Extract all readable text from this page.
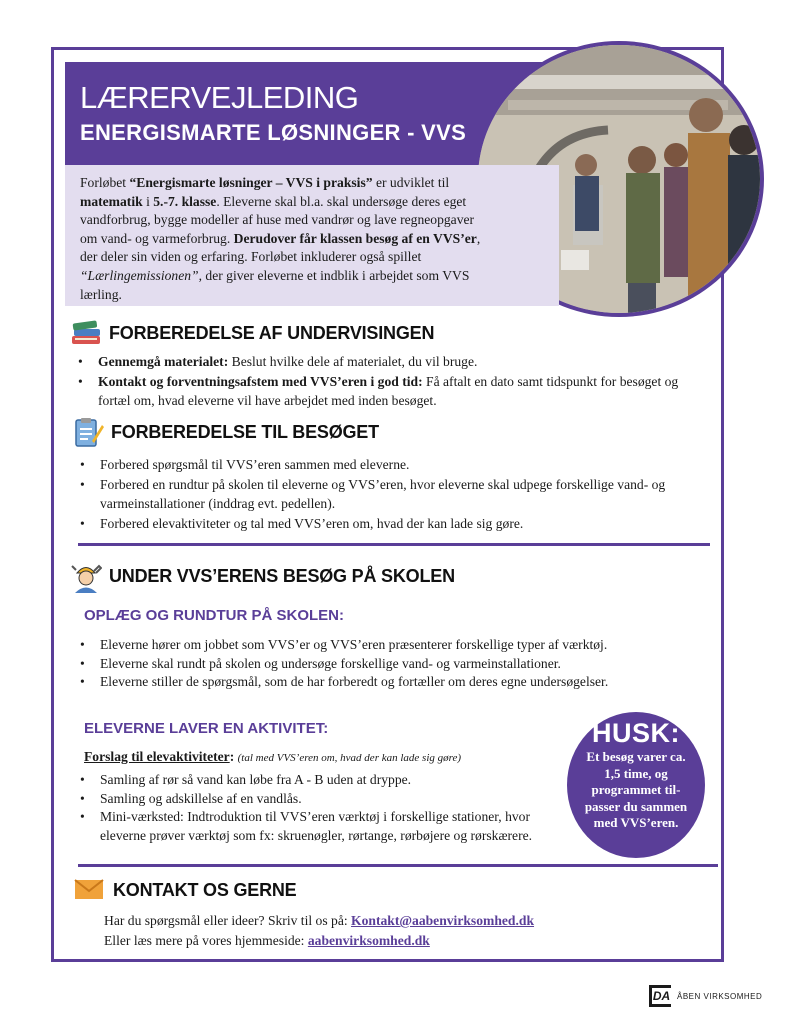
LÆRERVEJLEDING
ENERGISMARTE LØSNINGER - VVS
Forløbet “Energismarte løsninger – VVS i praksis” er udviklet til matematik i 5.-7. klasse. Eleverne skal bl.a. skal undersøge deres eget vandforbrug, bygge modeller af huse med vandrør og lave regneopgaver om vand- og varmeforbrug. Derudover får klassen besøg af en VVS’er, der deler sin viden og erfaring. Forløbet inkluderer også spillet “Lærlingemissionen”, der giver eleverne et indblik i arbejdet som VVS lærling.
FORBEREDELSE AF UNDERVISINGEN
• Gennemgå materialet: Beslut hvilke dele af materialet, du vil bruge.
• Kontakt og forventningsafstem med VVS’eren i god tid: Få aftalt en dato samt tidspunkt for besøget og fortæl om, hvad eleverne vil have arbejdet med inden besøget.
FORBEREDELSE TIL BESØGET
• Forbered spørgsmål til VVS’eren sammen med eleverne.
• Forbered en rundtur på skolen til eleverne og VVS’eren, hvor eleverne skal udpege forskellige vand- og varmeinstallationer (inddrag evt. pedellen).
• Forbered elevaktiviteter og tal med VVS’eren om, hvad der kan lade sig gøre.
UNDER VVS’ERENS BESØG PÅ SKOLEN
OPLÆG OG RUNDTUR PÅ SKOLEN:
• Eleverne hører om jobbet som VVS’er og VVS’eren præsenterer forskellige typer af værktøj.
• Eleverne skal rundt på skolen og undersøge forskellige vand- og varmeinstallationer.
• Eleverne stiller de spørgsmål, som de har forberedt og fortæller om deres egne undersøgelser.
ELEVERNE LAVER EN AKTIVITET:
Forslag til elevaktiviteter: (tal med VVS’eren om, hvad der kan lade sig gøre)
• Samling af rør så vand kan løbe fra A - B uden at dryppe.
• Samling og adskillelse af en vandlås.
• Mini-værksted: Indtroduktion til VVS’eren værktøj i forskellige stationer, hvor eleverne prøver værktøj som fx: skruenøgler, rørtange, rørbøjere og rørskærere.
HUSK:
Et besøg varer ca. 1,5 time, og programmet til-passer du sammen med VVS’eren.
KONTAKT OS GERNE
Har du spørgsmål eller ideer? Skriv til os på: Kontakt@aabenvirksomhed.dk
Eller læs mere på vores hjemmeside: aabenvirksomhed.dk
DA ÅBEN VIRKSOMHED
